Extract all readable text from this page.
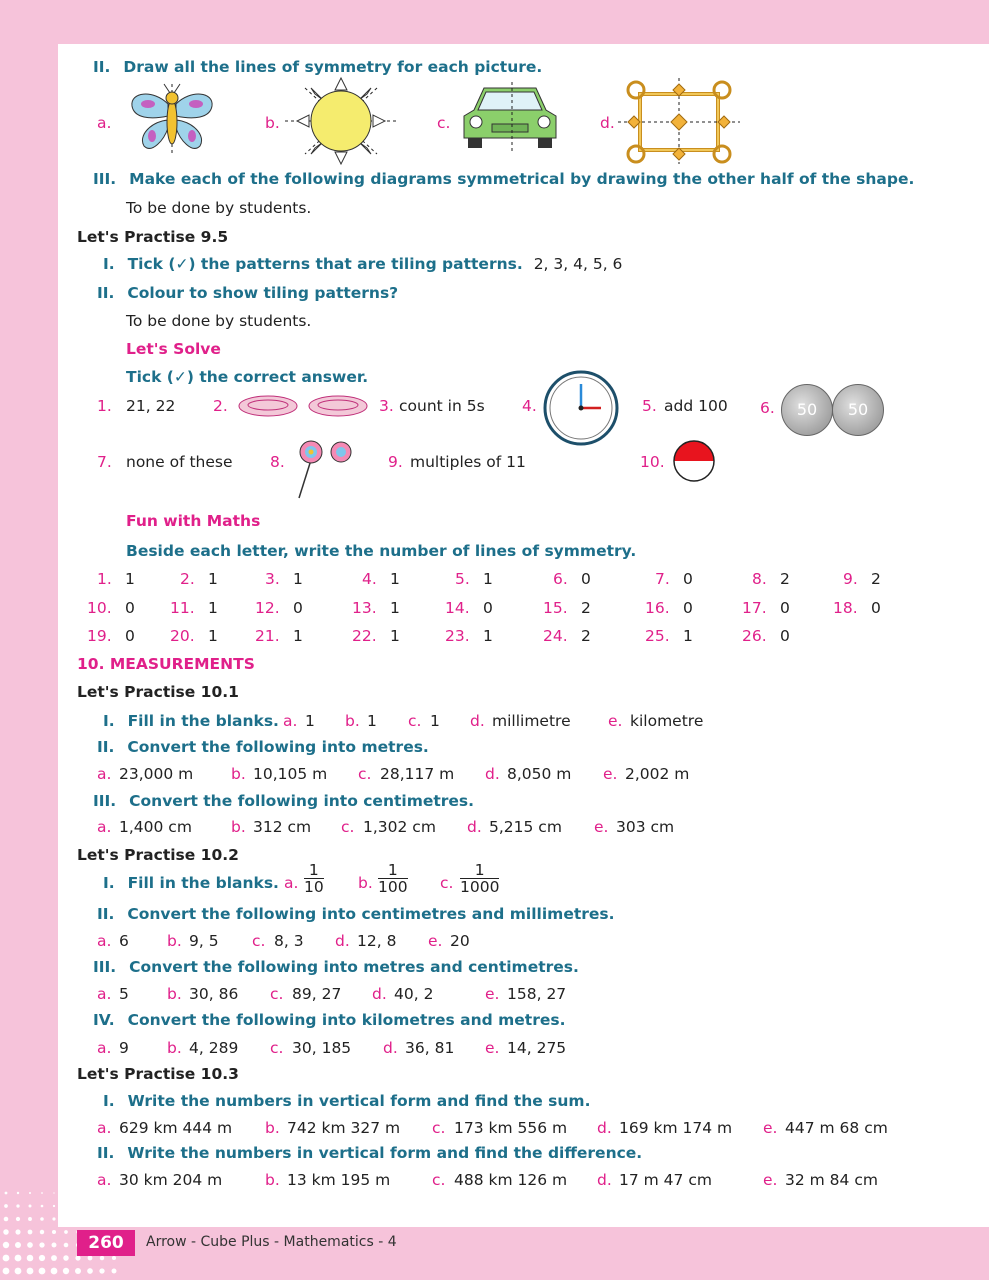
II. Draw all the lines of symmetry for each picture.
a.	b.	c.	d.
III. Make each of the following diagrams symmetrical by drawing the other half of the shape.
To be done by students.
Let's Practise 9.5
I. Tick (✓) the patterns that are tiling patterns. 2, 3, 4, 5, 6
II. Colour to show tiling patterns?
To be done by students.
Let's Solve
Tick (✓) the correct answer.
1. 21, 22 2.	3. count in 5s 4.	5. add 100 6.	50	50
7. none of these 8.	9. multiples of 11	10.
Fun with Maths
Beside each letter, write the number of lines of symmetry.
1. 1	2. 1	3. 1	4. 1	5. 1	6. 0	7. 0	8. 2	9. 2
10. 0 11. 1 12. 0	13. 1	14. 0	15. 2	16. 0	17. 0	18. 0
19. 0 20. 1 21. 1	22. 1	23. 1	24. 2	25. 1	26. 0
10. MEASUREMENTS
Let's Practise 10.1
I. Fill in the blanks. a. 1 b. 1 c. 1 d. millimetre e. kilometre
II. Convert the following into metres.
a. 23,000 m b. 10,105 m c. 28,117 m d. 8,050 m e. 2,002 m
III. Convert the following into centimetres.
a. 1,400 cm	b. 312 cm c. 1,302 cm d. 5,215 cm e. 303 cm
Let's Practise 10.2
I. Fill in the blanks. a. $\frac{1}{10} b$. $\frac{1}{100} c$. $\frac{1}{1000}$
II. Convert the following into centimetres and millimetres.
a. 6 b. 9, 5 c. 8, 3 d. 12, 8 e. 20
III. Convert the following into metres and centimetres.
a. 5 b. 30, 86 c. 89, 27 d. 40, 2	e. 158, 27
IV. Convert the following into kilometres and metres.
a. 9 b. 4, 289 c. 30, 185 d. 36, 81 e. 14, 275
Let's Practise 10.3
I. Write the numbers in vertical form and find the sum.
a. 629 km 444 m b. 742 km 327 m c. 173 km 556 m d. 169 km 174 m e. 447 m 68 cm
II. Write the numbers in vertical form and find the difference.
a. 30 km 204 m	b. 13 km 195 m	c. 488 km 126 m d. 17 m 47 cm	e. 32 m 84 cm
260	Arrow - Cube Plus - Mathematics - 4
